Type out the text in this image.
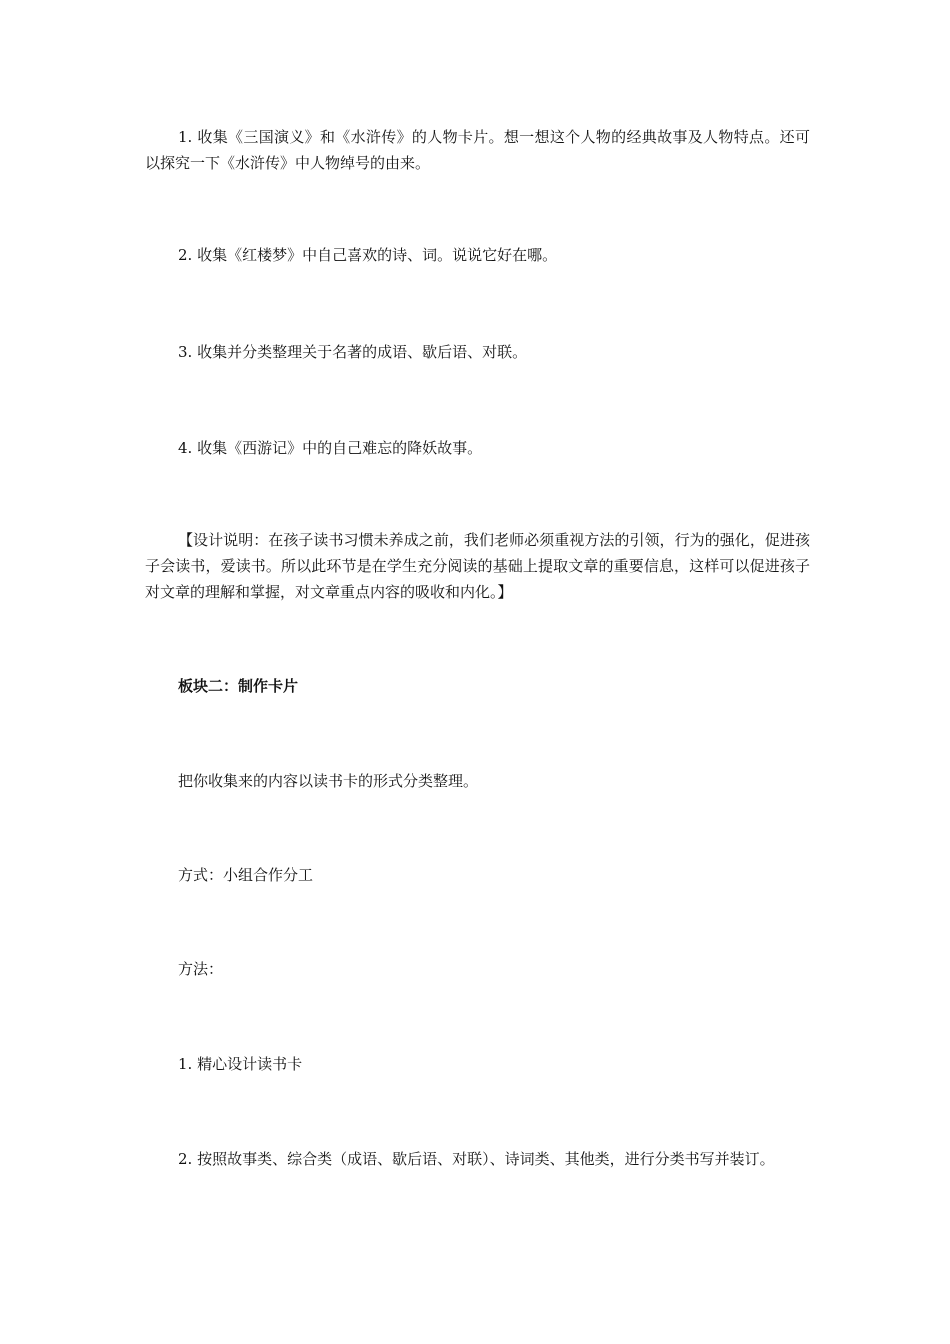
1. 收集《三国演义》和《水浒传》的人物卡片。想一想这个人物的经典故事及人物特点。还可以探究一下《水浒传》中人物绰号的由来。

2. 收集《红楼梦》中自己喜欢的诗、词。说说它好在哪。

3. 收集并分类整理关于名著的成语、歇后语、对联。

4. 收集《西游记》中的自己难忘的降妖故事。

【设计说明：在孩子读书习惯未养成之前，我们老师必须重视方法的引领，行为的强化，促进孩子会读书，爱读书。所以此环节是在学生充分阅读的基础上提取文章的重要信息，这样可以促进孩子对文章的理解和掌握，对文章重点内容的吸收和内化。】

板块二：制作卡片

把你收集来的内容以读书卡的形式分类整理。

方式：小组合作分工

方法：

1. 精心设计读书卡

2. 按照故事类、综合类（成语、歇后语、对联）、诗词类、其他类，进行分类书写并装订。
